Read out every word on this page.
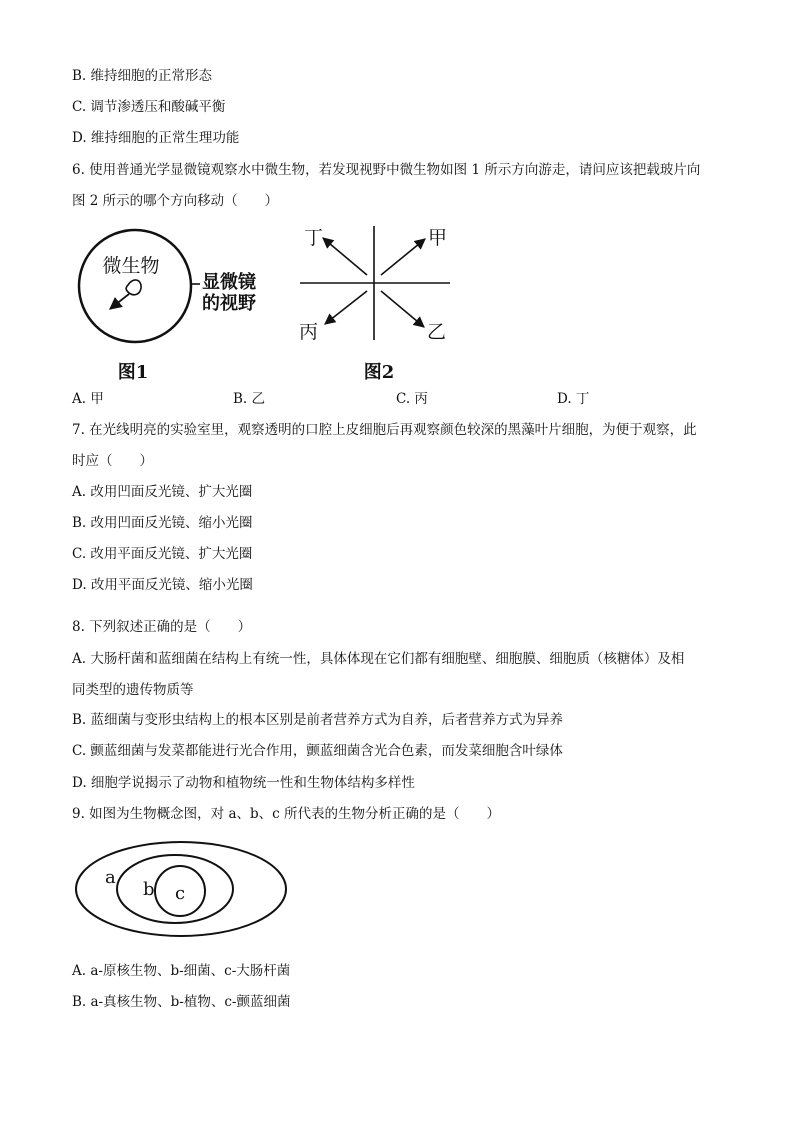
B. 维持细胞的正常形态
C. 调节渗透压和酸碱平衡
D. 维持细胞的正常生理功能
6. 使用普通光学显微镜观察水中微生物，若发现视野中微生物如图 1 所示方向游走，请问应该把载玻片向
图 2 所示的哪个方向移动（　　）
微生物
显微镜
的视野
图1
丁	甲
丙	乙
图2
A. 甲	B. 乙	C. 丙	D. 丁
7. 在光线明亮的实验室里，观察透明的口腔上皮细胞后再观察颜色较深的黑藻叶片细胞，为便于观察，此
时应（　　）
A. 改用凹面反光镜、扩大光圈
B. 改用凹面反光镜、缩小光圈
C. 改用平面反光镜、扩大光圈
D. 改用平面反光镜、缩小光圈
8. 下列叙述正确的是（　　）
A. 大肠杆菌和蓝细菌在结构上有统一性，具体体现在它们都有细胞壁、细胞膜、细胞质（核糖体）及相
同类型的遗传物质等
B. 蓝细菌与变形虫结构上的根本区别是前者营养方式为自养，后者营养方式为异养
C. 颤蓝细菌与发菜都能进行光合作用，颤蓝细菌含光合色素，而发菜细胞含叶绿体
D. 细胞学说揭示了动物和植物统一性和生物体结构多样性
9. 如图为生物概念图，对 a、b、c 所代表的生物分析正确的是（　　）
a
b c
A. a-原核生物、b-细菌、c-大肠杆菌
B. a-真核生物、b-植物、c-颤蓝细菌
